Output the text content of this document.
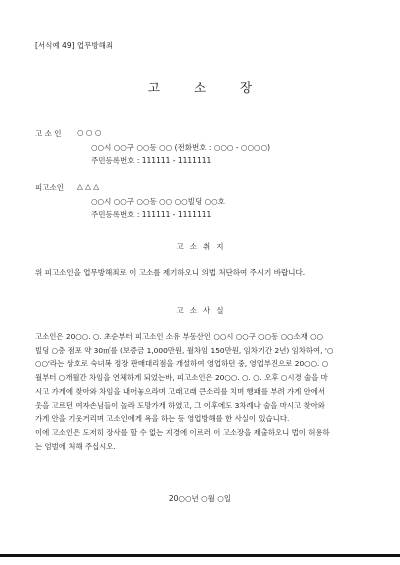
[서식예 49] 업무방해죄
고	소	장
고 소 인 ○ ○ ○
○○시 ○○구 ○○동 ○○ (전화번호 : ○○○ - ○○○○)
주민등록번호 : 111111 - 1111111
피고소인 △ △ △
○○시 ○○구 ○○동 ○○ ○○빌딩 ○○호
주민등록번호 : 111111 - 1111111
고 소 취 지
위 피고소인을 업무방해죄로 이 고소를 제기하오니 의법 처단하여 주시기 바랍니다.
고 소 사 실
고소인은 20○○. ○. 초순부터 피고소인 소유 부동산인 ○○시 ○○구 ○○동 ○○소재 ○○
빌딩 ○층 점포 약 30㎡를 (보증금 1,000만원, 월차임 150만원, 임차기간 2년) 임차하여, '○
○○'라는 상호로 숙녀복 정장 판매대리점을 개설하여 영업하던 중, 영업부진으로 20○○. ○
월부터 ○개월간 차임을 연체하게 되었는바, 피고소인은 20○○. ○. ○. 오후 ○시경 술을 마
시고 가게에 찾아와 차임을 내어놓으라며 고래고래 큰소리를 치며 행패를 부려 가게 안에서
옷을 고르던 여자손님들이 놀라 도망가게 하였고, 그 이후에도 3차례나 술을 마시고 찾아와
가게 안을 기웃거리며 고소인에게 욕을 하는 등 영업방해를 한 사실이 있습니다.
이에 고소인은 도저히 장사를 할 수 없는 지경에 이르러 이 고소장을 제출하오니 법이 허용하
는 엄벌에 처해 주십시오.
20○○년 ○월 ○일
